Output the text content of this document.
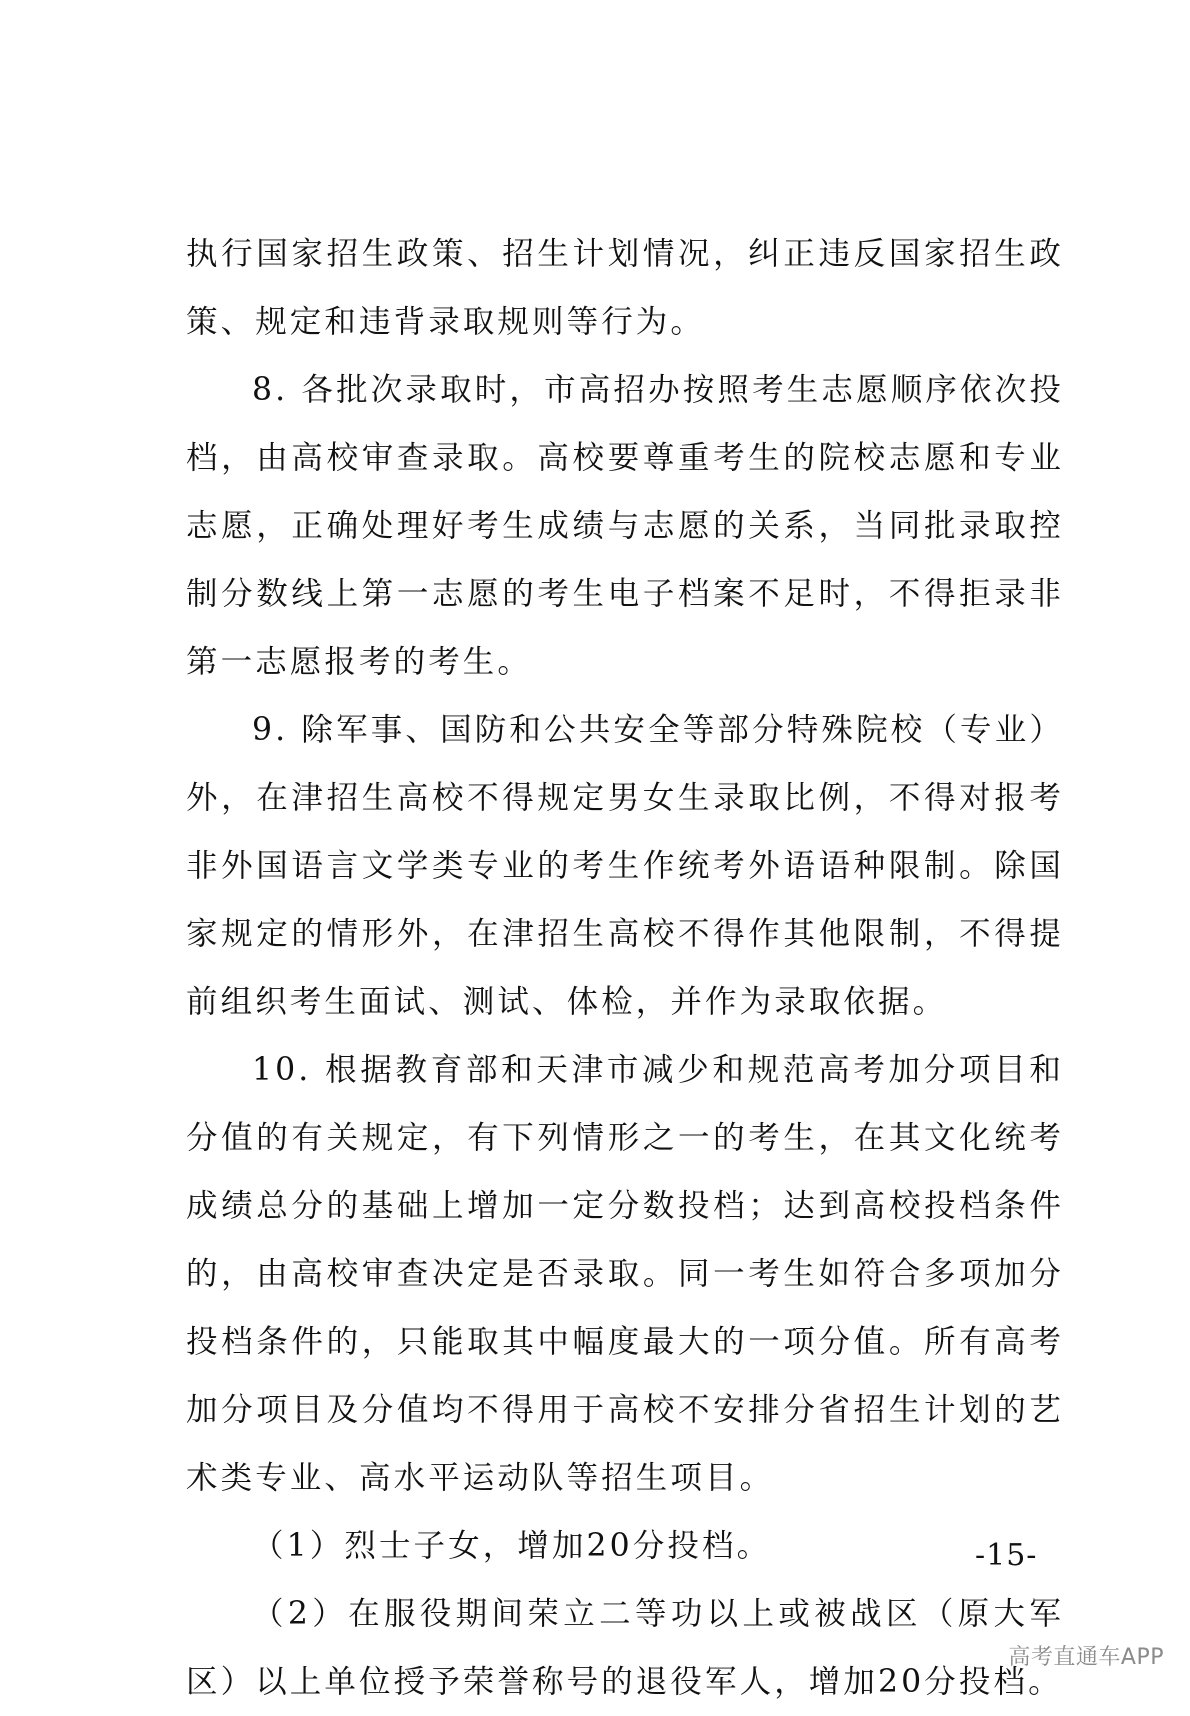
执行国家招生政策、招生计划情况，纠正违反国家招生政策、规定和违背录取规则等行为。

8. 各批次录取时，市高招办按照考生志愿顺序依次投档，由高校审查录取。高校要尊重考生的院校志愿和专业志愿，正确处理好考生成绩与志愿的关系，当同批录取控制分数线上第一志愿的考生电子档案不足时，不得拒录非第一志愿报考的考生。

9. 除军事、国防和公共安全等部分特殊院校（专业）外，在津招生高校不得规定男女生录取比例，不得对报考非外国语言文学类专业的考生作统考外语语种限制。除国家规定的情形外，在津招生高校不得作其他限制，不得提前组织考生面试、测试、体检，并作为录取依据。

10. 根据教育部和天津市减少和规范高考加分项目和分值的有关规定，有下列情形之一的考生，在其文化统考成绩总分的基础上增加一定分数投档；达到高校投档条件的，由高校审查决定是否录取。同一考生如符合多项加分投档条件的，只能取其中幅度最大的一项分值。所有高考加分项目及分值均不得用于高校不安排分省招生计划的艺术类专业、高水平运动队等招生项目。

（1）烈士子女，增加20分投档。

（2）在服役期间荣立二等功以上或被战区（原大军区）以上单位授予荣誉称号的退役军人，增加20分投档。

-15-
高考直通车APP
